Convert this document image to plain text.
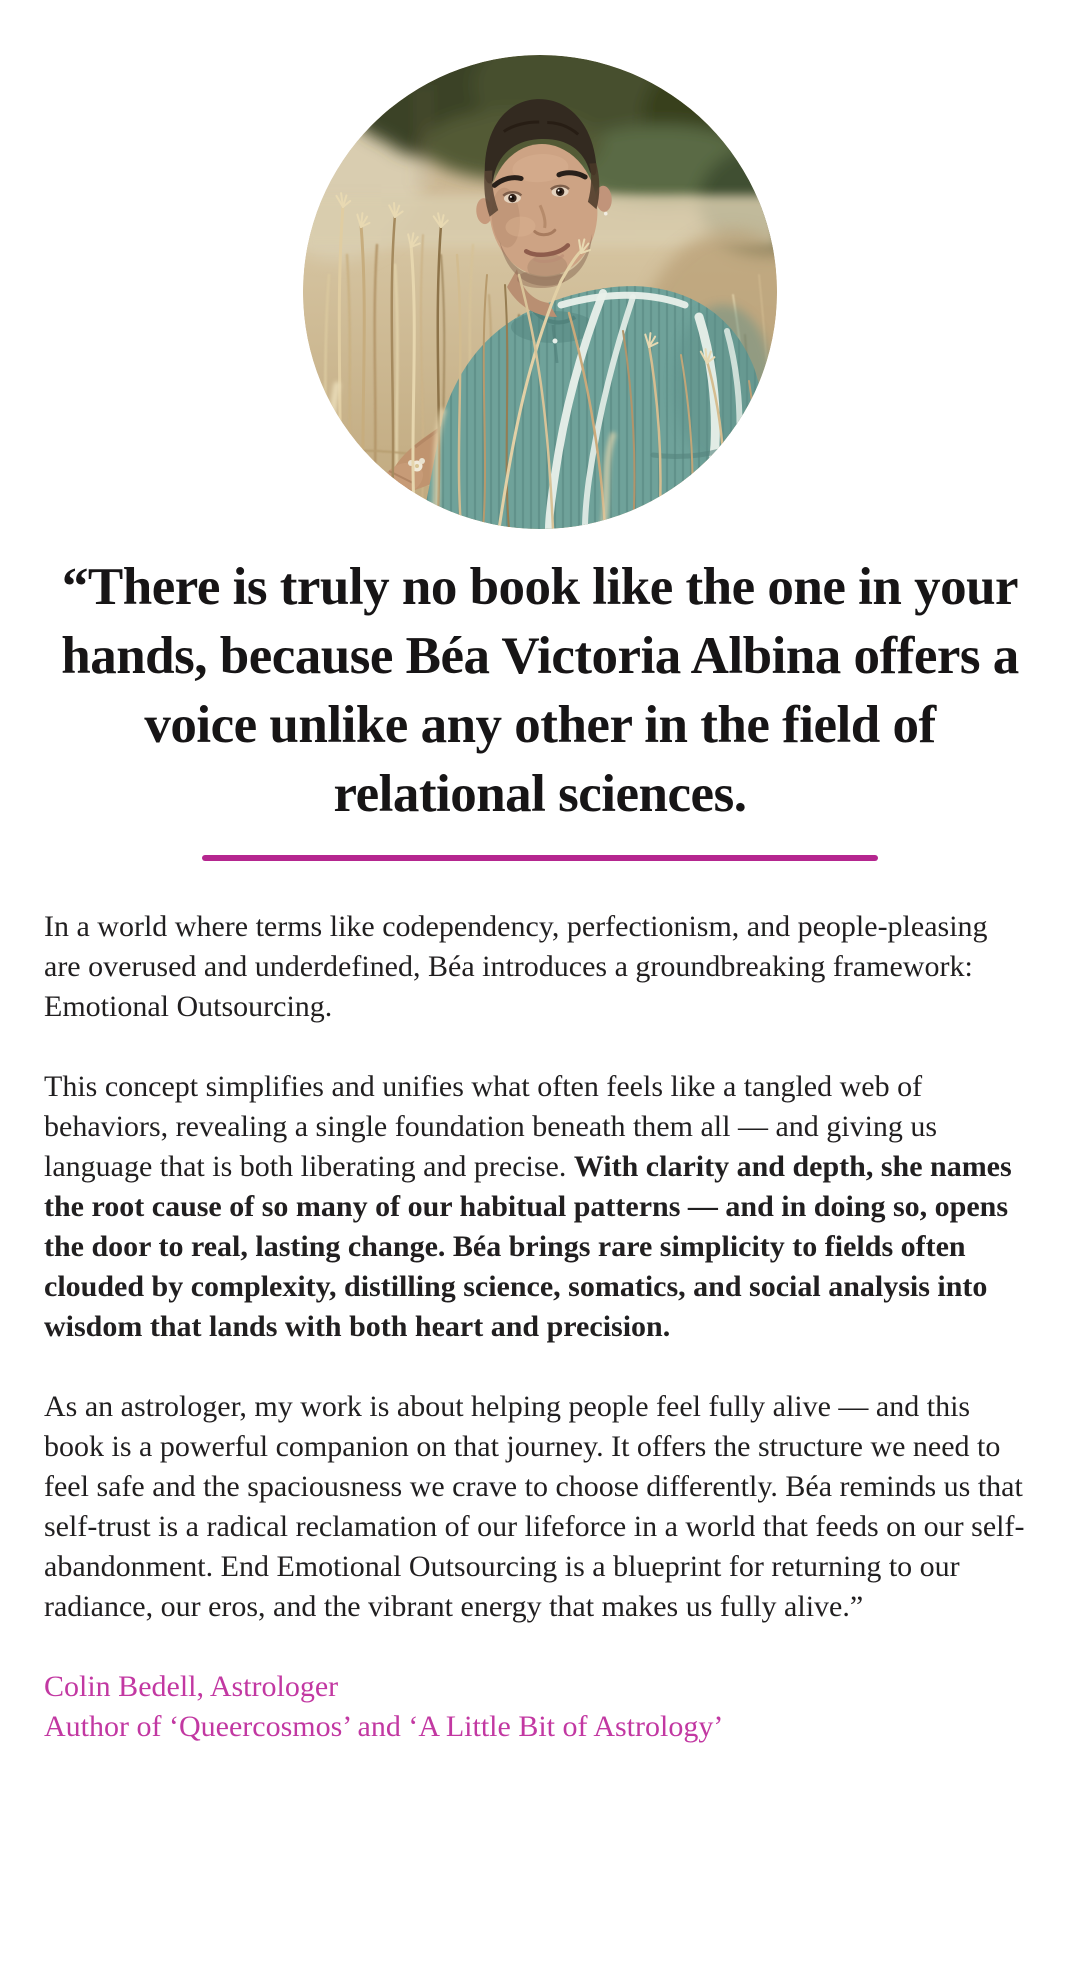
“There is truly no book like the one in your hands, because Béa Victoria Albina offers a voice unlike any other in the field of relational sciences.

In a world where terms like codependency, perfectionism, and people-pleasing are overused and underdefined, Béa introduces a groundbreaking framework: Emotional Outsourcing.

This concept simplifies and unifies what often feels like a tangled web of behaviors, revealing a single foundation beneath them all — and giving us language that is both liberating and precise. With clarity and depth, she names the root cause of so many of our habitual patterns — and in doing so, opens the door to real, lasting change. Béa brings rare simplicity to fields often clouded by complexity, distilling science, somatics, and social analysis into wisdom that lands with both heart and precision.

As an astrologer, my work is about helping people feel fully alive — and this book is a powerful companion on that journey. It offers the structure we need to feel safe and the spaciousness we crave to choose differently. Béa reminds us that self-trust is a radical reclamation of our lifeforce in a world that feeds on our self-abandonment. End Emotional Outsourcing is a blueprint for returning to our radiance, our eros, and the vibrant energy that makes us fully alive.”

Colin Bedell, Astrologer
Author of ‘Queercosmos’ and ‘A Little Bit of Astrology’
